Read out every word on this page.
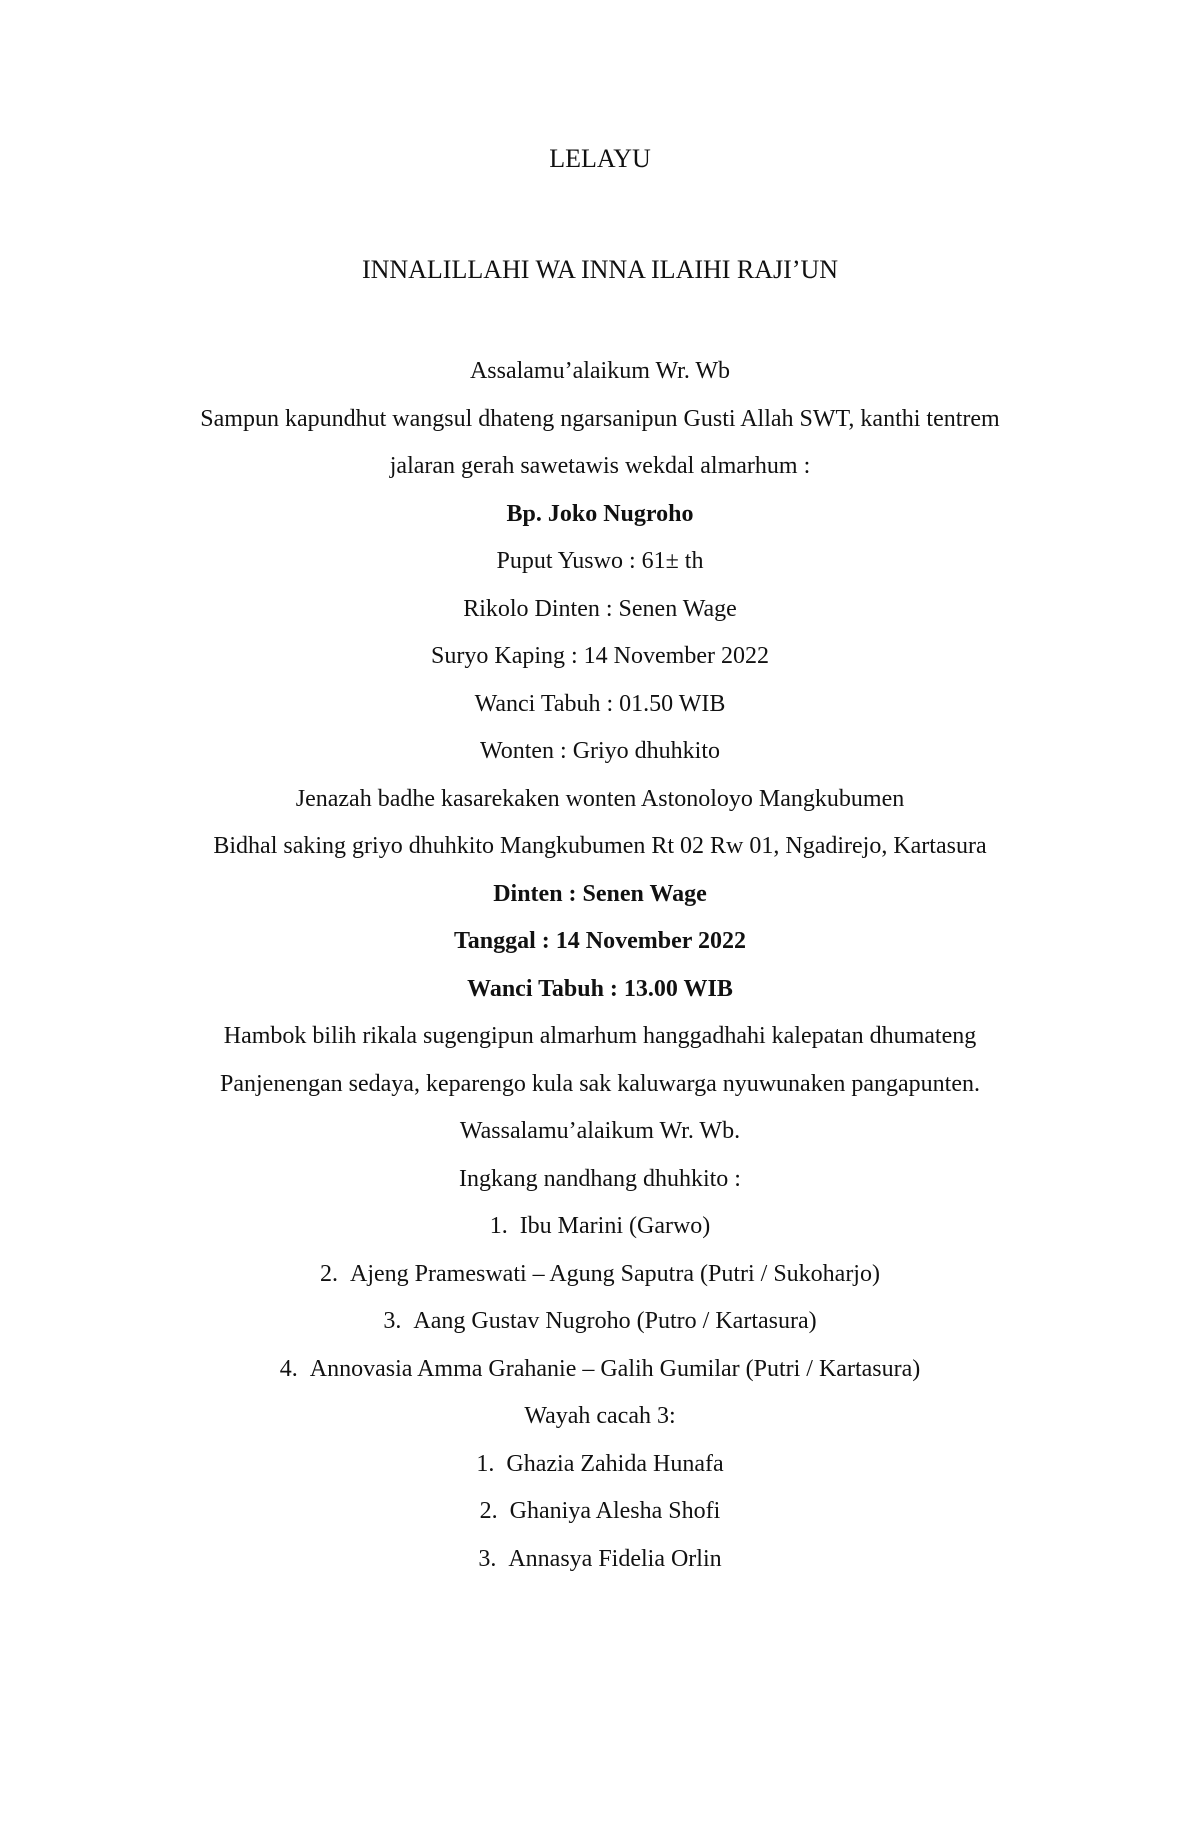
LELAYU
INNALILLAHI WA INNA ILAIHI RAJI’UN
Assalamu’alaikum Wr. Wb
Sampun kapundhut wangsul dhateng ngarsanipun Gusti Allah SWT, kanthi tentrem
jalaran gerah sawetawis wekdal almarhum :
Bp. Joko Nugroho
Puput Yuswo : 61± th
Rikolo Dinten : Senen Wage
Suryo Kaping : 14 November 2022
Wanci Tabuh : 01.50 WIB
Wonten : Griyo dhuhkito
Jenazah badhe kasarekaken wonten Astonoloyo Mangkubumen
Bidhal saking griyo dhuhkito Mangkubumen Rt 02 Rw 01, Ngadirejo, Kartasura
Dinten : Senen Wage
Tanggal : 14 November 2022
Wanci Tabuh : 13.00 WIB
Hambok bilih rikala sugengipun almarhum hanggadhahi kalepatan dhumateng
Panjenengan sedaya, keparengo kula sak kaluwarga nyuwunaken pangapunten.
Wassalamu’alaikum Wr. Wb.
Ingkang nandhang dhuhkito :
1. Ibu Marini (Garwo)
2. Ajeng Prameswati – Agung Saputra (Putri / Sukoharjo)
3. Aang Gustav Nugroho (Putro / Kartasura)
4. Annovasia Amma Grahanie – Galih Gumilar (Putri / Kartasura)
Wayah cacah 3:
1. Ghazia Zahida Hunafa
2. Ghaniya Alesha Shofi
3. Annasya Fidelia Orlin
